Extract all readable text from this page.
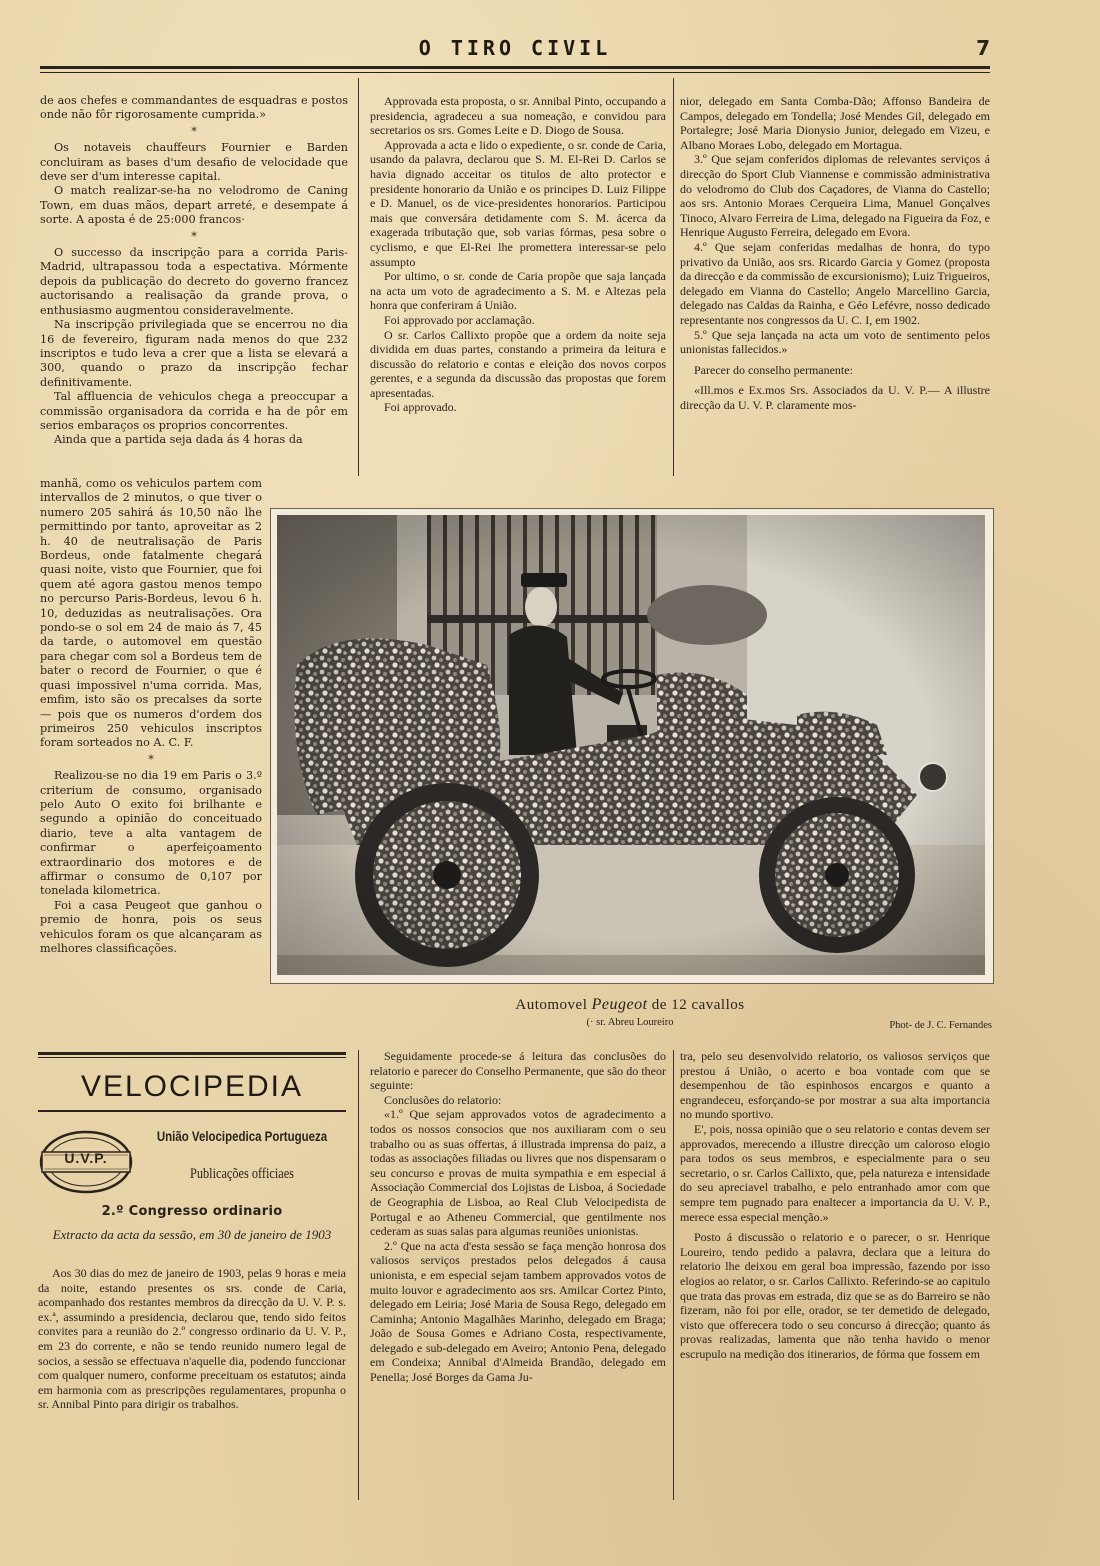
O TIRO CIVIL	7

de aos chefes e commandantes de esquadras e postos onde não fôr rigorosamente cumprida.»

*

Os notaveis chauffeurs Fournier e Barden concluiram as bases d'um desafio de velocidade que deve ser d'um interesse capital.

O match realizar-se-ha no velodromo de Caning Town, em duas mãos, depart arreté, e desempate á sorte. A aposta é de 25:000 francos·

*

O successo da inscripção para a corrida Paris-Madrid, ultrapassou toda a espectativa. Mórmente depois da publicação do decreto do governo francez auctorisando a realisação da grande prova, o enthusiasmo augmentou consideravelmente.

Na inscripção privilegiada que se encerrou no dia 16 de fevereiro, figuram nada menos do que 232 inscriptos e tudo leva a crer que a lista se elevará a 300, quando o prazo da inscripção fechar definitivamente.

Tal affluencia de vehiculos chega a preoccupar a commissão organisadora da corrida e ha de pôr em serios embaraços os proprios concorrentes.

Ainda que a partida seja dada ás 4 horas da

manhã, como os vehiculos partem com intervallos de 2 minutos, o que tiver o numero 205 sahirá ás 10,50 não lhe permittindo por tanto, aproveitar as 2 h. 40 de neutralisação de Paris Bordeus, onde fatalmente chegará quasi noite, visto que Fournier, que foi quem até agora gastou menos tempo no percurso Paris-Bordeus, levou 6 h. 10, deduzidas as neutralisações. Ora pondo-se o sol em 24 de maio ás 7, 45 da tarde, o automovel em questão para chegar com sol a Bordeus tem de bater o record de Fournier, o que é quasi impossivel n'uma corrida. Mas, emfim, isto são os precalses da sorte — pois que os numeros d'ordem dos primeiros 250 vehiculos inscriptos foram sorteados no A. C. F.

*

Realizou-se no dia 19 em Paris o 3.º criterium de consumo, organisado pelo Auto O exito foi brilhante e segundo a opinião do conceituado diario, teve a alta vantagem de confirmar o aperfeiçoamento extraordinario dos motores e de affirmar o consumo de 0,107 por tonelada kilometrica.

Foi a casa Peugeot que ganhou o premio de honra, pois os seus vehiculos foram os que alcançaram as melhores classificações.

Approvada esta proposta, o sr. Annibal Pinto, occupando a presidencia, agradeceu a sua nomeação, e convidou para secretarios os srs. Gomes Leite e D. Diogo de Sousa.

Approvada a acta e lido o expediente, o sr. conde de Caria, usando da palavra, declarou que S. M. El-Rei D. Carlos se havia dignado acceitar os titulos de alto protector e presidente honorario da União e os principes D. Luiz Filippe e D. Manuel, os de vice-presidentes honorarios. Participou mais que conversára detidamente com S. M. ácerca da exagerada tributação que, sob varias fórmas, pesa sobre o cyclismo, e que El-Rei lhe promettera interessar-se pelo assumpto

Por ultimo, o sr. conde de Caria propõe que saja lançada na acta um voto de agradecimento a S. M. e Altezas pela honra que conferiram á União.

Foi approvado por acclamação.

O sr. Carlos Callixto propõe que a ordem da noite seja dividida em duas partes, constando a primeira da leitura e discussão do relatorio e contas e eleição dos novos corpos gerentes, e a segunda da discussão das propostas que forem apresentadas.

Foi approvado.

nior, delegado em Santa Comba-Dão; Affonso Bandeira de Campos, delegado em Tondella; José Mendes Gil, delegado em Portalegre; José Maria Dionysio Junior, delegado em Vizeu, e Albano Moraes Lobo, delegado em Mortagua.

3.º Que sejam conferidos diplomas de relevantes serviços á direcção do Sport Club Viannense e commissão administrativa do velodromo do Club dos Caçadores, de Vianna do Castello; aos srs. Antonio Moraes Cerqueira Lima, Manuel Gonçalves Tinoco, Alvaro Ferreira de Lima, delegado na Figueira da Foz, e Henrique Augusto Ferreira, delegado em Evora.

4.º Que sejam conferidas medalhas de honra, do typo privativo da União, aos srs. Ricardo Garcia y Gomez (proposta da direcção e da commissão de excursionismo); Luiz Trigueiros, delegado em Vianna do Castello; Angelo Marcellino Garcia, delegado nas Caldas da Rainha, e Géo Lefévre, nosso dedicado representante nos congressos da U. C. I, em 1902.

5.º Que seja lançada na acta um voto de sentimento pelos unionistas fallecidos.»

Parecer do conselho permanente:

«Ill.mos e Ex.mos Srs. Associados da U. V. P.— A illustre direcção da U. V. P. claramente mos-

Automovel Peugeot de 12 cavallos
(· sr. Abreu Loureiro	Phot- de J. C. Fernandes
VELOCIPEDIA
U.V.P.
União Velocipedica Portugueza
Publicações officiaes
2.º Congresso ordinario
Extracto da acta da sessão, em 30 de janeiro de 1903

Aos 30 dias do mez de janeiro de 1903, pelas 9 horas e meia da noite, estando presentes os srs. conde de Caria, acompanhado dos restantes membros da direcção da U. V. P. s. ex.ª, assumindo a presidencia, declarou que, tendo sido feitos convites para a reunião do 2.º congresso ordinario da U. V. P., em 23 do corrente, e não se tendo reunido numero legal de socios, a sessão se effectuava n'aquelle dia, podendo funccionar com qualquer numero, conforme preceituam os estatutos; ainda em harmonia com as prescripções regulamentares, propunha o sr. Annibal Pinto para dirigir os trabalhos.

Seguidamente procede-se á leitura das conclusões do relatorio e parecer do Conselho Permanente, que são do theor seguinte:

Conclusões do relatorio:

«1.º Que sejam approvados votos de agradecimento a todos os nossos consocios que nos auxiliaram com o seu trabalho ou as suas offertas, á illustrada imprensa do paiz, a todas as associações filiadas ou livres que nos dispensaram o seu concurso e provas de muita sympathia e em especial á Associação Commercial dos Lojistas de Lisboa, á Sociedade de Geographia de Lisboa, ao Real Club Velocipedista de Portugal e ao Atheneu Commercial, que gentilmente nos cederam as suas salas para algumas reuniões unionistas.

2.º Que na acta d'esta sessão se faça menção honrosa dos valiosos serviços prestados pelos delegados á causa unionista, e em especial sejam tambem approvados votos de muito louvor e agradecimento aos srs. Amilcar Cortez Pinto, delegado em Leiria; José Maria de Sousa Rego, delegado em Caminha; Antonio Magalhães Marinho, delegado em Braga; João de Sousa Gomes e Adriano Costa, respectivamente, delegado e sub-delegado em Aveiro; Antonio Pena, delegado em Condeixa; Annibal d'Almeida Brandão, delegado em Penella; José Borges da Gama Ju-

tra, pelo seu desenvolvido relatorio, os valiosos serviços que prestou á União, o acerto e boa vontade com que se desempenhou de tão espinhosos encargos e quanto a engrandeceu, esforçando-se por mostrar a sua alta importancia no mundo sportivo.

E', pois, nossa opinião que o seu relatorio e contas devem ser approvados, merecendo a illustre direcção um caloroso elogio para todos os seus membros, e especialmente para o seu secretario, o sr. Carlos Callixto, que, pela natureza e intensidade do seu apreciavel trabalho, e pelo entranhado amor com que sempre tem pugnado para enaltecer a importancia da U. V. P., merece essa especial menção.»

Posto á discussão o relatorio e o parecer, o sr. Henrique Loureiro, tendo pedido a palavra, declara que a leitura do relatorio lhe deixou em geral boa impressão, fazendo por isso elogios ao relator, o sr. Carlos Callixto. Referindo-se ao capitulo que trata das provas em estrada, diz que se as do Barreiro se não fizeram, não foi por elle, orador, se ter demetido de delegado, visto que offerecera todo o seu concurso á direcção; quanto ás provas realizadas, lamenta que não tenha havido o menor escrupulo na medição dos itinerarios, de fórma que fossem em
